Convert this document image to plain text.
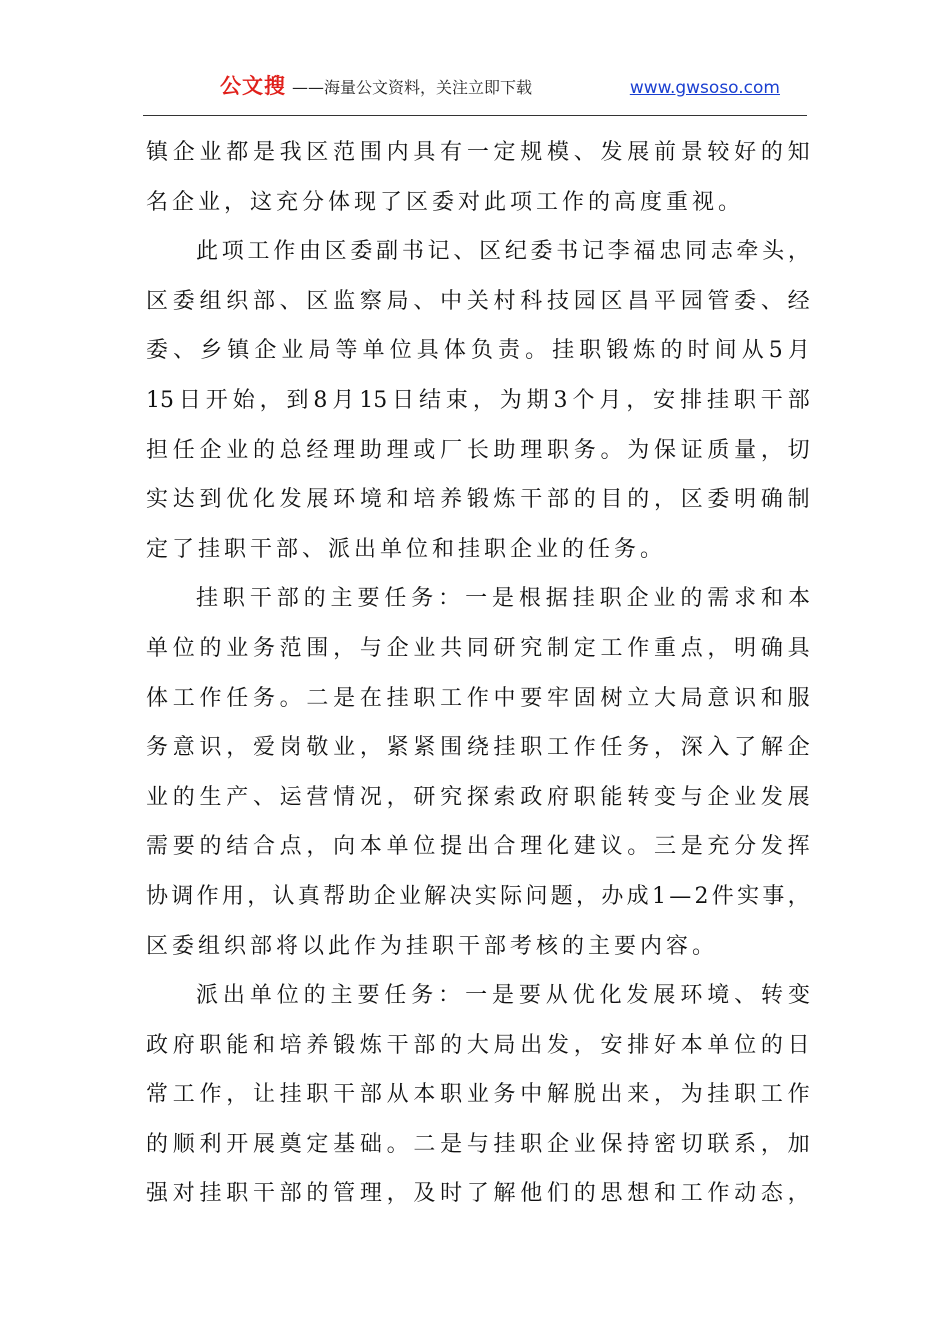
公文搜 ——海量公文资料，关注立即下载	www.gwsoso.com
镇 企 业 都 是 我 区 范 围 内 具 有 一 定 规 模 、 发 展 前 景 较 好 的 知
名企业，这充分体现了区委对此项工作的高度重视。
此 项 工 作 由 区 委 副 书 记 、 区 纪 委 书 记 李 福 忠 同 志 牵 头 ，
区 委 组 织 部 、 区 监 察 局 、 中 关 村 科 技 园 区 昌 平 园 管 委 、 经
委 、 乡 镇 企 业 局 等 单 位 具 体 负 责 。 挂 职 锻 炼 的 时 间 从 5 月
15 日 开 始 ， 到 8 月 15 日 结 束 ， 为 期 3 个 月 ， 安 排 挂 职 干 部
担 任 企 业 的 总 经 理 助 理 或 厂 长 助 理 职 务 。 为 保 证 质 量 ， 切
实 达 到 优 化 发 展 环 境 和 培 养 锻 炼 干 部 的 目 的 ， 区 委 明 确 制
定了挂职干部、派出单位和挂职企业的任务。
挂 职 干 部 的 主 要 任 务 ： 一 是 根 据 挂 职 企 业 的 需 求 和 本
单 位 的 业 务 范 围 ， 与 企 业 共 同 研 究 制 定 工 作 重 点 ， 明 确 具
体 工 作 任 务 。 二 是 在 挂 职 工 作 中 要 牢 固 树 立 大 局 意 识 和 服
务 意 识 ， 爱 岗 敬 业 ， 紧 紧 围 绕 挂 职 工 作 任 务 ， 深 入 了 解 企
业 的 生 产 、 运 营 情 况 ， 研 究 探 索 政 府 职 能 转 变 与 企 业 发 展
需 要 的 结 合 点 ， 向 本 单 位 提 出 合 理 化 建 议 。 三 是 充 分 发 挥
协 调 作 用 ， 认 真 帮 助 企 业 解 决 实 际 问 题 ， 办 成 1 — 2 件 实 事 ，
区委组织部将以此作为挂职干部考核的主要内容。
派 出 单 位 的 主 要 任 务 ： 一 是 要 从 优 化 发 展 环 境 、 转 变
政 府 职 能 和 培 养 锻 炼 干 部 的 大 局 出 发 ， 安 排 好 本 单 位 的 日
常 工 作 ， 让 挂 职 干 部 从 本 职 业 务 中 解 脱 出 来 ， 为 挂 职 工 作
的 顺 利 开 展 奠 定 基 础 。 二 是 与 挂 职 企 业 保 持 密 切 联 系 ， 加
强 对 挂 职 干 部 的 管 理 ， 及 时 了 解 他 们 的 思 想 和 工 作 动 态 ，
